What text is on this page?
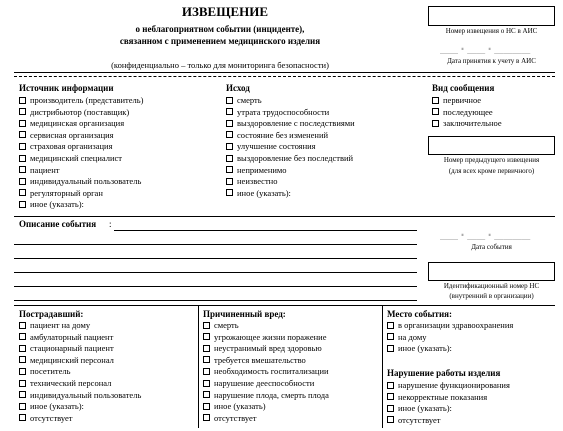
ИЗВЕЩЕНИЕ
о неблагоприятном событии (инциденте),
связанном с применением медицинского изделия
(конфиденциально – только для мониторинга безопасности)
Номер извещения о НС в АИС
__.__.____
Дата принятия к учету в АИС
Источник информации
производитель (представитель)
дистрибьютор (поставщик)
медицинская организация
сервисная организация
страховая организация
медицинский специалист
пациент
индивидуальный пользователь
регуляторный орган
иное (указать):
Исход
смерть
утрата трудоспособности
выздоровление с последствиями
состояние без изменений
улучшение состояния
выздоровление без последствий
неприменимо
неизвестно
иное (указать):
Вид сообщения
первичное
последующее
заключительное
Номер предыдущего извещения
(для всех кроме первичного)
Описание события :	__.__.____
Дата события
Идентификационный номер НС
(внутренний в организации)
Пострадавший:
пациент на дому
амбулаторный пациент
стационарный пациент
медицинский персонал
посетитель
технический персонал
индивидуальный пользователь
иное (указать):
отсутствует
Причиненный вред:
смерть
угрожающее жизни поражение
неустранимый вред здоровью
требуется вмешательство
необходимость госпитализации
нарушение дееспособности
нарушение плода, смерть плода
иное (указать)
отсутствует
Место события:
в организации здравоохранения
на дому
иное (указать):
Нарушение работы изделия
нарушение функционирования
некорректные показания
иное (указать):
отсутствует
